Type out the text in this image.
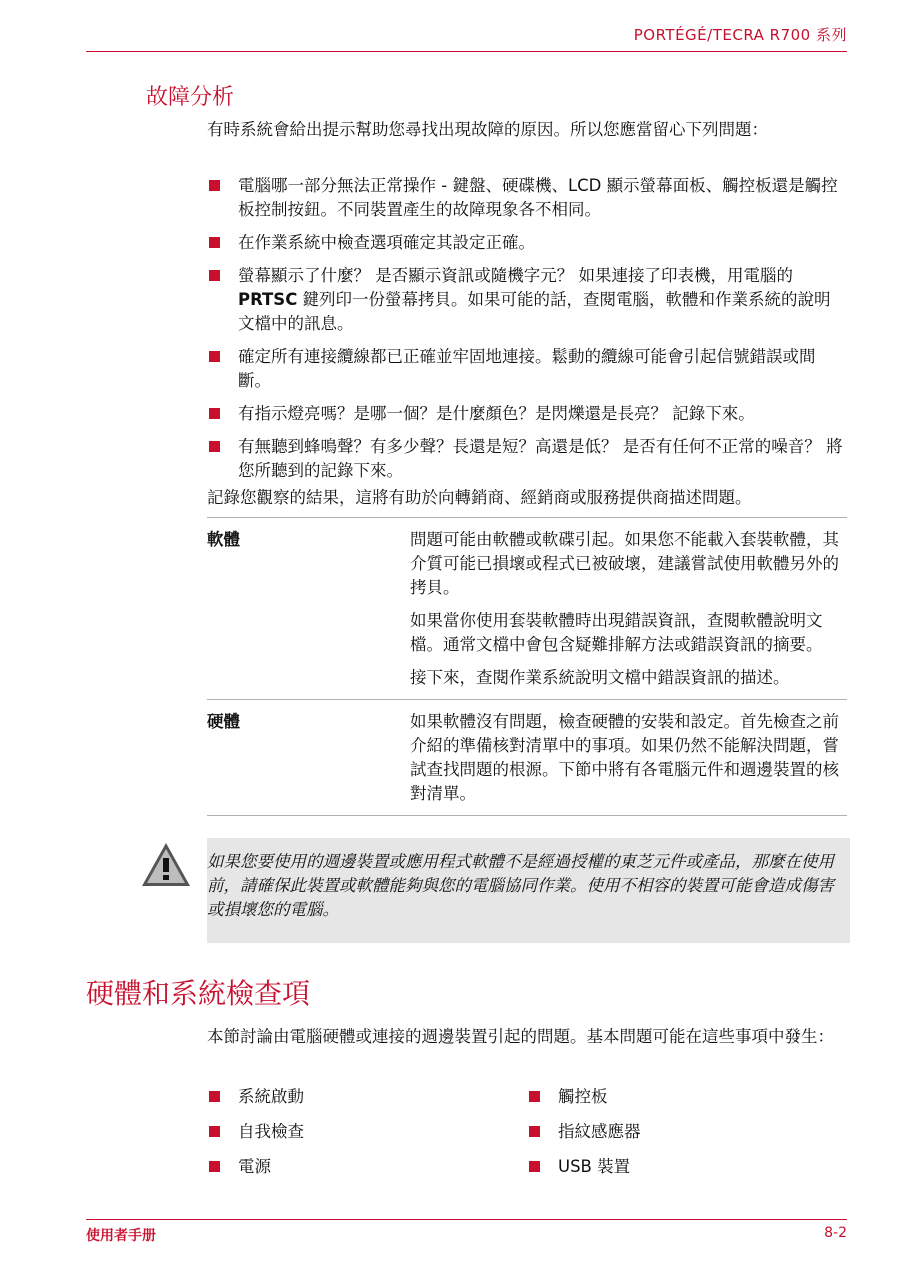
PORTÉGÉ/TECRA R700 系列
故障分析
有時系統會給出提示幫助您尋找出現故障的原因。所以您應當留心下列問題：
電腦哪一部分無法正常操作 - 鍵盤、硬碟機、LCD 顯示螢幕面板、觸控板還是觸控板控制按鈕。不同裝置產生的故障現象各不相同。
在作業系統中檢查選項確定其設定正確。
螢幕顯示了什麼？ 是否顯示資訊或隨機字元？ 如果連接了印表機，用電腦的 PRTSC 鍵列印一份螢幕拷貝。如果可能的話，查閱電腦，軟體和作業系統的說明文檔中的訊息。
確定所有連接纜線都已正確並牢固地連接。鬆動的纜線可能會引起信號錯誤或間斷。
有指示燈亮嗎？是哪一個？是什麼顏色？是閃爍還是長亮？ 記錄下來。
有無聽到蜂鳴聲？有多少聲？長還是短？高還是低？ 是否有任何不正常的噪音？ 將您所聽到的記錄下來。
記錄您觀察的結果，這將有助於向轉銷商、經銷商或服務提供商描述問題。
軟體	問題可能由軟體或軟碟引起。如果您不能載入套裝軟體，其介質可能已損壞或程式已被破壞，建議嘗試使用軟體另外的拷貝。

如果當你使用套裝軟體時出現錯誤資訊，查閱軟體說明文檔。通常文檔中會包含疑難排解方法或錯誤資訊的摘要。

接下來，查閱作業系統說明文檔中錯誤資訊的描述。

硬體	如果軟體沒有問題，檢查硬體的安裝和設定。首先檢查之前介紹的準備核對清單中的事項。如果仍然不能解決問題，嘗試查找問題的根源。下節中將有各電腦元件和週邊裝置的核對清單。

如果您要使用的週邊裝置或應用程式軟體不是經過授權的東芝元件或產品，那麼在使用前，請確保此裝置或軟體能夠與您的電腦協同作業。使用不相容的裝置可能會造成傷害或損壞您的電腦。
硬體和系統檢查項
本節討論由電腦硬體或連接的週邊裝置引起的問題。基本問題可能在這些事項中發生：
系統啟動
自我檢查
電源
觸控板
指紋感應器
USB 裝置
使用者手册	8-2
